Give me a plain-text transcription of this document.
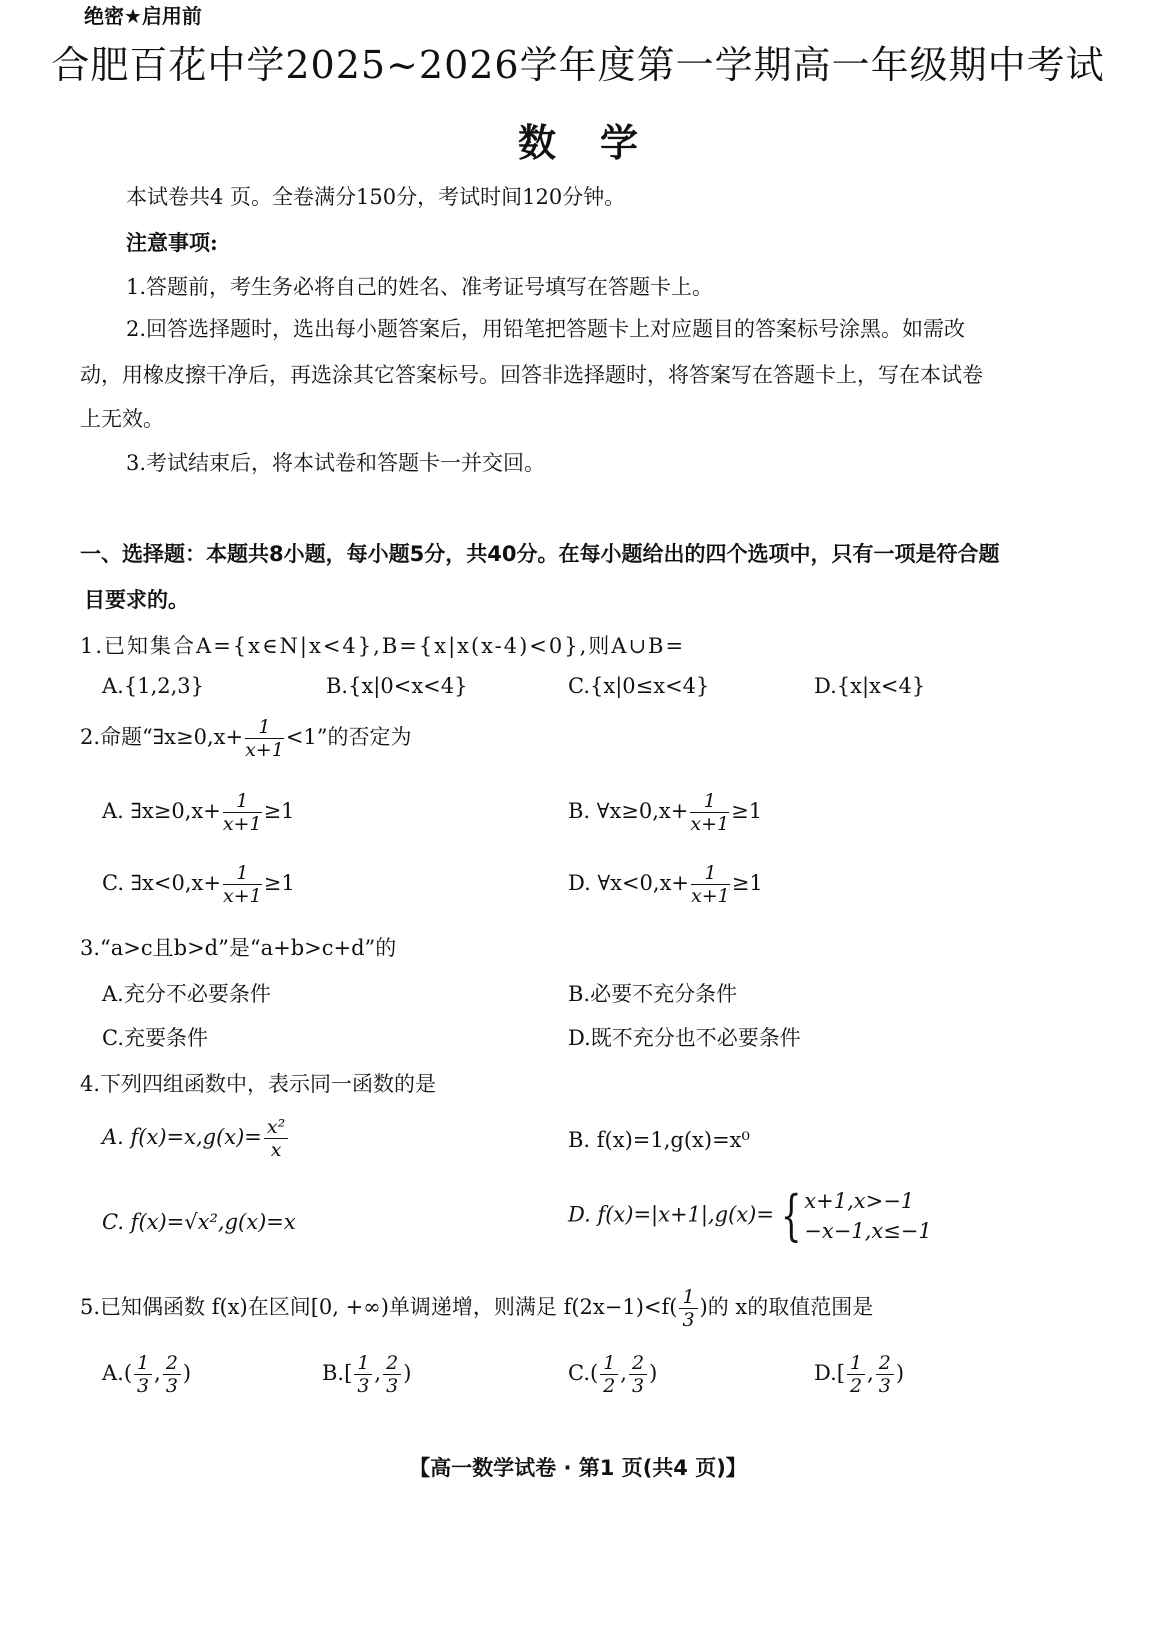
绝密★启用前
合肥百花中学2025~2026学年度第一学期高一年级期中考试
数学
本试卷共4 页。全卷满分150分，考试时间120分钟。
注意事项:
1.答题前，考生务必将自己的姓名、准考证号填写在答题卡上。
2.回答选择题时，选出每小题答案后，用铅笔把答题卡上对应题目的答案标号涂黑。如需改
动，用橡皮擦干净后，再选涂其它答案标号。回答非选择题时，将答案写在答题卡上，写在本试卷
上无效。
3.考试结束后，将本试卷和答题卡一并交回。
一、选择题：本题共8小题，每小题5分，共40分。在每小题给出的四个选项中，只有一项是符合题
目要求的。
1.已知集合A={x∈N|x<4},B={x|x(x-4)<0},则A∪B=
A.{1,2,3}	B.{x|0<x<4}	C.{x|0≤x<4}	D.{x|x<4}
2.命题“∃x≥0,x+ $\frac{1}{x+1} <1$”的否定为
A. ∃x≥0,x+ $\frac{1}{x+1} \ge 1$	B. ∀x≥0,x+ $\frac{1}{x+1} \ge 1$
C. ∃x<0,x+ $\frac{1}{x+1} \ge 1$	D. ∀x<0,x+ $\frac{1}{x+1} \ge 1$
3.“a>c且b>d”是“a+b>c+d”的
A.充分不必要条件	B.必要不充分条件
C.充要条件	D.既不充分也不必要条件
4.下列四组函数中，表示同一函数的是
A. $f(x)=x,g(x)= \frac{\text{x²}}{x}$	B. f(x)=1,g(x)=x⁰
C. f(x)=√x²,g(x)=x	D. f(x)=|x+1|,g(x)= { x+1,x>−1
−x−1,x≤−1
5.已知偶函数 f(x)在区间[0, +∞)单调递增，则满足 $f(2x-1)<f( \frac{1}{3}$ )的 x的取值范围是
$A.( \frac{1}{3}$ , $\frac{2}{3}$ )	$B.[ \frac{1}{3}$ , $\frac{2}{3}$ )	$C.( \frac{1}{2}$ , $\frac{2}{3}$ )	$D.[ \frac{1}{2}$ , $\frac{2}{3}$ )
【高一数学试卷 · 第1 页(共4 页)】
